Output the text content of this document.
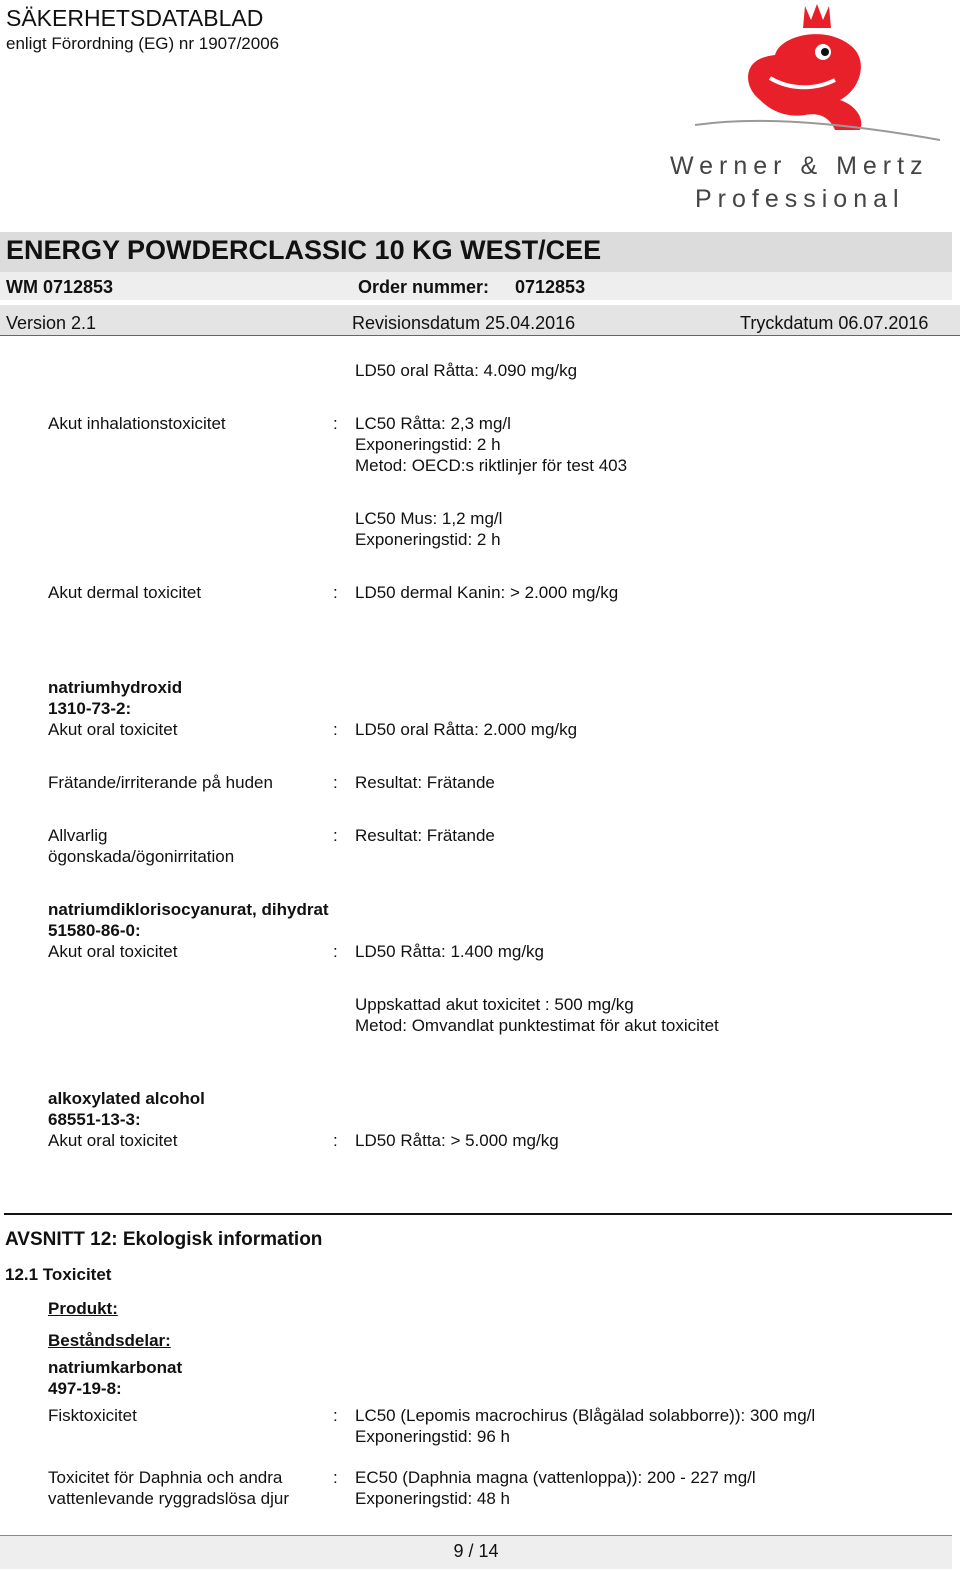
SÄKERHETSDATABLAD
enligt Förordning (EG) nr 1907/2006
Werner & Mertz
Professional
ENERGY POWDERCLASSIC 10 KG WEST/CEE
WM 0712853	Order nummer: 0712853
Version 2.1	Revisionsdatum 25.04.2016	Tryckdatum 06.07.2016
LD50 oral Råtta: 4.090 mg/kg
Akut inhalationstoxicitet	: LC50 Råtta: 2,3 mg/l
Exponeringstid: 2 h
Metod: OECD:s riktlinjer för test 403
LC50 Mus: 1,2 mg/l
Exponeringstid: 2 h
Akut dermal toxicitet	: LD50 dermal Kanin: > 2.000 mg/kg
natriumhydroxid
1310-73-2:
Akut oral toxicitet	: LD50 oral Råtta: 2.000 mg/kg
Frätande/irriterande på huden	: Resultat: Frätande
Allvarlig
ögonskada/ögonirritation
: Resultat: Frätande
natriumdiklorisocyanurat, dihydrat
51580-86-0:
Akut oral toxicitet	: LD50 Råtta: 1.400 mg/kg
Uppskattad akut toxicitet : 500 mg/kg
Metod: Omvandlat punktestimat för akut toxicitet
alkoxylated alcohol
68551-13-3:
Akut oral toxicitet	: LD50 Råtta: > 5.000 mg/kg
AVSNITT 12: Ekologisk information
12.1 Toxicitet
Produkt:
Beståndsdelar:
natriumkarbonat
497-19-8:
Fisktoxicitet	: LC50 (Lepomis macrochirus (Blågälad solabborre)): 300 mg/l
Exponeringstid: 96 h
Toxicitet för Daphnia och andra
vattenlevande ryggradslösa djur
: EC50 (Daphnia magna (vattenloppa)): 200 - 227 mg/l
Exponeringstid: 48 h
9 / 14
